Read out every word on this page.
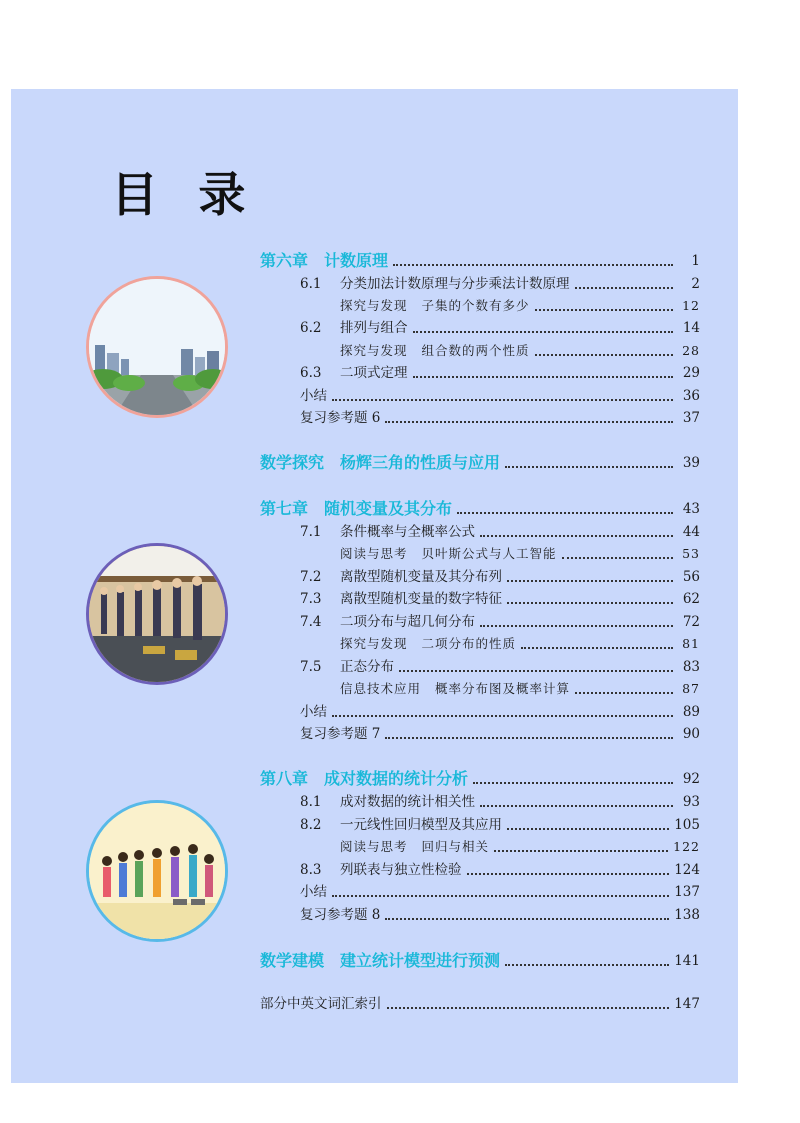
目 录
第六章 计数原理	1
6.1	分类加法计数原理与分步乘法计数原理	2
探究与发现 子集的个数有多少	12
6.2	排列与组合	14
探究与发现 组合数的两个性质	28
6.3	二项式定理	29
小结	36
复习参考题 6	37
数学探究 杨辉三角的性质与应用	39
第七章 随机变量及其分布	43
7.1	条件概率与全概率公式	44
阅读与思考 贝叶斯公式与人工智能	53
7.2	离散型随机变量及其分布列	56
7.3	离散型随机变量的数字特征	62
7.4	二项分布与超几何分布	72
探究与发现 二项分布的性质	81
7.5	正态分布	83
信息技术应用 概率分布图及概率计算	87
小结	89
复习参考题 7	90
第八章 成对数据的统计分析	92
8.1	成对数据的统计相关性	93
8.2	一元线性回归模型及其应用	105
阅读与思考 回归与相关	122
8.3	列联表与独立性检验	124
小结	137
复习参考题 8	138
数学建模 建立统计模型进行预测	141
部分中英文词汇索引	147
